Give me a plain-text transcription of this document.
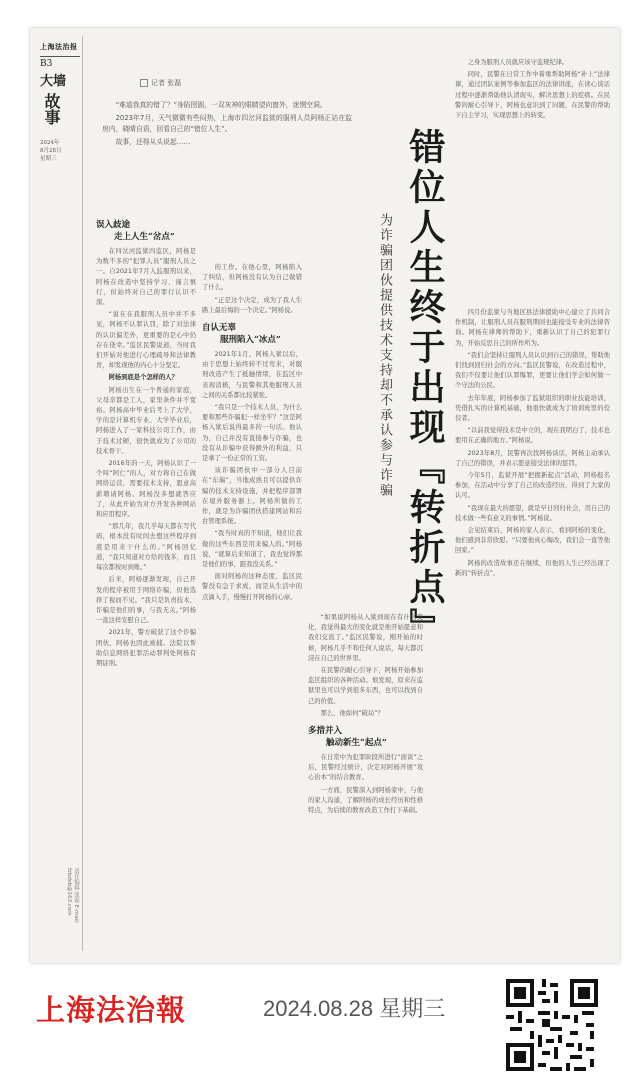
上海法治报
B3
大墙
故事
2024年
8月28日
星期三
记者 张磊

“难道我真的错了？”身陷囹圄，一双灰神的眼睛望向窗外，迷惘空洞。

2023年7月，天气微微有些闷热，上海市四岔河监狱的服刑人员阿杨正站在监房内，晓晴自语，回看自己的“错位人生”。

故事，还得从头说起……	错位人生终于出现『转折点』
为诈骗团伙提供技术支持却不承认参与诈骗

之身为服刑人员就应该守监规纪律。

同时，民警在日常工作中着重帮助阿杨“补上”法律课，通过团队案例等参加监区的法律讲座，在读心谈话过程中逐渐帮助他认清现实，解决思想上的疙瘩。在民警的耐心引导下，阿杨也意识到了问题，在民警的帮助下自主学习，实现思想上的转变。

误入歧途
走上人生“岔点”

在四岔河监狱四监区，阿杨是为数不多的“犯罪人员”服刑人员之一。自2021年7月入监服刑以来，阿杨在改造中坚持学习、谨言慎行，但始终对自己的罪行认识不深。

“说在在我服刑人员中并不多见，阿杨不认罪认罚，除了对法律的认识偏差外，更重要的是心中仍存在侥幸。”监区民警说道，当时我们开始对他进行心理疏导和法律教育，却发现他的内心十分坚定。

阿杨到底是个怎样的人？

阿杨出生在一个普通的家庭，父母亲都是工人，家里条件并不宽裕。阿杨高中毕业后考上了大学，学的是计算机专业。大学毕业后，阿杨进入了一家科技公司工作，由于技术过硬，很快就成为了公司的技术骨干。

2016年的一天，阿杨认识了一个叫“阿仁”的人，对方称自己在做网络运营，需要技术支持，愿意高薪聘请阿杨。阿杨没多想就答应了，从此开始为对方开发各种网站和应用程序。

“那几年，我几乎每天都在写代码，根本没有时间去想这些程序到底是用来干什么的。”阿杨回忆道，“我只知道对方给的钱多，而且每次都按时到账。”

后来，阿杨逐渐发现，自己开发的程序被用于网络诈骗，但他选择了视而不见。“我只是负责技术，诈骗是他们的事，与我无关。”阿杨一直这样安慰自己。

2021年，警方破获了这个诈骗团伙，阿杨也因此被捕。法院以帮助信息网络犯罪活动罪判处阿杨有期徒刑。

的工作。在他心里，阿杨陷入了纠结，但阿杨没有认为自己做错了什么。

“正是这个决定，成为了我人生路上最后悔的一个决定。”阿杨说。

自认无辜
服刑陷入“冰点”

2021年1月，阿杨入狱以后，由于思想上始终转不过弯来，对服刑改造产生了抵触情绪，在监区中表现消极，与民警和其他服刑人员之间的关系都比较紧张。

“我只是一个技术人员，为什么要和那些诈骗犯一样坐牢？”这是阿杨入狱后说得最多的一句话。他认为，自己并没有直接参与诈骗，也没有从诈骗中获得额外的利益，只是拿了一份正常的工资。

该诈骗团伙中一部分人目前在“东瑞”，当地成熟且可以提供诈骗的技术支持设施，并把程序部署在境外服务器上。阿杨所做的工作，就是为诈骗团伙搭建网站和后台管理系统。

“我当时真的不知道，他们让我做的这些东西是用来骗人的。”阿杨说，“就算后来知道了，我也觉得那是他们的事，跟我没关系。”

面对阿杨的这种态度，监区民警没有急于求成，而是从生活中的点滴入手，慢慢打开阿杨的心扉。

“如果说阿杨从入狱到现在有什么变化，我觉得最大的变化就是他开始愿意和我们交流了。”监区民警说，刚开始的时候，阿杨几乎不和任何人说话，每天都沉浸在自己的世界里。

在民警的耐心引导下，阿杨开始参加监区组织的各种活动。他发现，原来在监狱里也可以学到很多东西，也可以找到自己的价值。

那么，他如何“破局”？

多措并入
触动新生“起点”

在日常中为犯罪阶段所进行“面谈”之后，民警经过统计，决定对阿杨开展“攻心治本”的结合教育。

一方面，民警深入到阿杨家中，与他的家人沟通，了解阿杨的成长经历和性格特点，为后续的教育改造工作打下基础。

四月份监狱与当地区县法律援助中心建立了共同合作机制，让服刑人员在服刑期间也能接受专业的法律咨询。阿杨在律师的帮助下，重新认识了自己的犯罪行为，开始反思自己的所作所为。

“我们会坚持让服刑人员认识到自己的错误，帮助他们找到回归社会的方向。”监区民警说，在改造过程中，我们不仅要让他们认罪悔罪，更要让他们学会如何做一个守法的公民。

去年年底，阿杨参加了监狱组织的职业技能培训，凭借扎实的计算机基础，他很快就成为了培训班里的佼佼者。

“以前我觉得技术是中立的，现在我明白了，技术也要用在正确的地方。”阿杨说。

2023年8月，民警再次找阿杨谈话，阿杨主动承认了自己的错误，并表示愿意接受法律的惩罚。

今年5月，监狱开展“把握新起点”活动，阿杨报名参加，在活动中分享了自己的改造经历，得到了大家的认可。

“我现在最大的愿望，就是早日回归社会，用自己的技术做一些有意义的事情。”阿杨说。

会见结束后，阿杨的家人表示，看到阿杨的变化，他们感到非常欣慰。“只要他真心悔改，我们会一直等他回家。”

阿杨的改造故事还在继续，但他的人生已经出现了新的“转折点”。

责任编辑 张磊 E-mail: fzbdsb@163.com
上海法治報	2024.08.28 星期三
